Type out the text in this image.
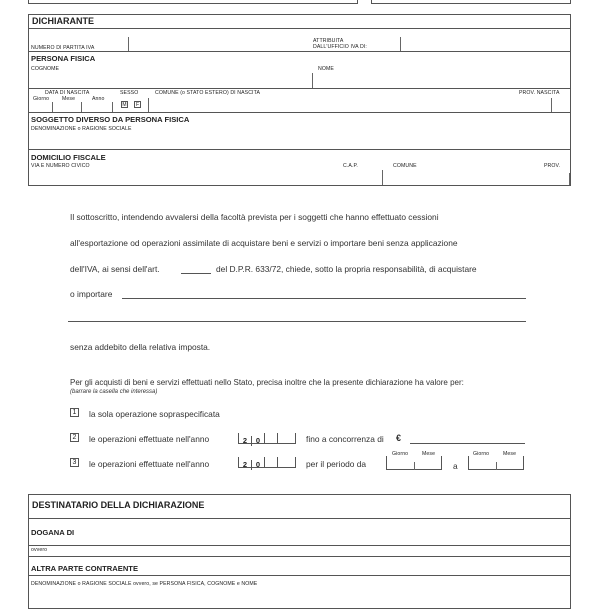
DICHIARANTE
NUMERO DI PARTITA IVA
ATTRIBUITA
DALL'UFFICIO IVA DI:
PERSONA FISICA
COGNOME	NOME
DATA DI NASCITA
Giorno Mese	Anno
SESSO
M	F
COMUNE (o STATO ESTERO) DI NASCITA	PROV. NASCITA
SOGGETTO DIVERSO DA PERSONA FISICA
DENOMINAZIONE o RAGIONE SOCIALE
DOMICILIO FISCALE
VIA E NUMERO CIVICO	C.A.P.	COMUNE	PROV.
Il sottoscritto, intendendo avvalersi della facoltà prevista per i soggetti che hanno effettuato cessioni
all'esportazione od operazioni assimilate di acquistare beni e servizi o importare beni senza applicazione
dell'IVA, ai sensi dell'art.	del D.P.R. 633/72, chiede, sotto la propria responsabilità, di acquistare
o importare
senza addebito della relativa imposta.
Per gli acquisti di beni e servizi effettuati nello Stato, precisa inoltre che la presente dichiarazione ha valore per:
(barrare la casella che interessa)
1	la sola operazione sopraspecificata
2	le operazioni effettuate nell'anno	2 0	fino a concorrenza di €
3	le operazioni effettuate nell'anno	2 0	per il periodo da
Giorno	Mese
a
Giorno	Mese
DESTINATARIO DELLA DICHIARAZIONE
DOGANA DI
ovvero
ALTRA PARTE CONTRAENTE
DENOMINAZIONE o RAGIONE SOCIALE ovvero, se PERSONA FISICA, COGNOME e NOME
